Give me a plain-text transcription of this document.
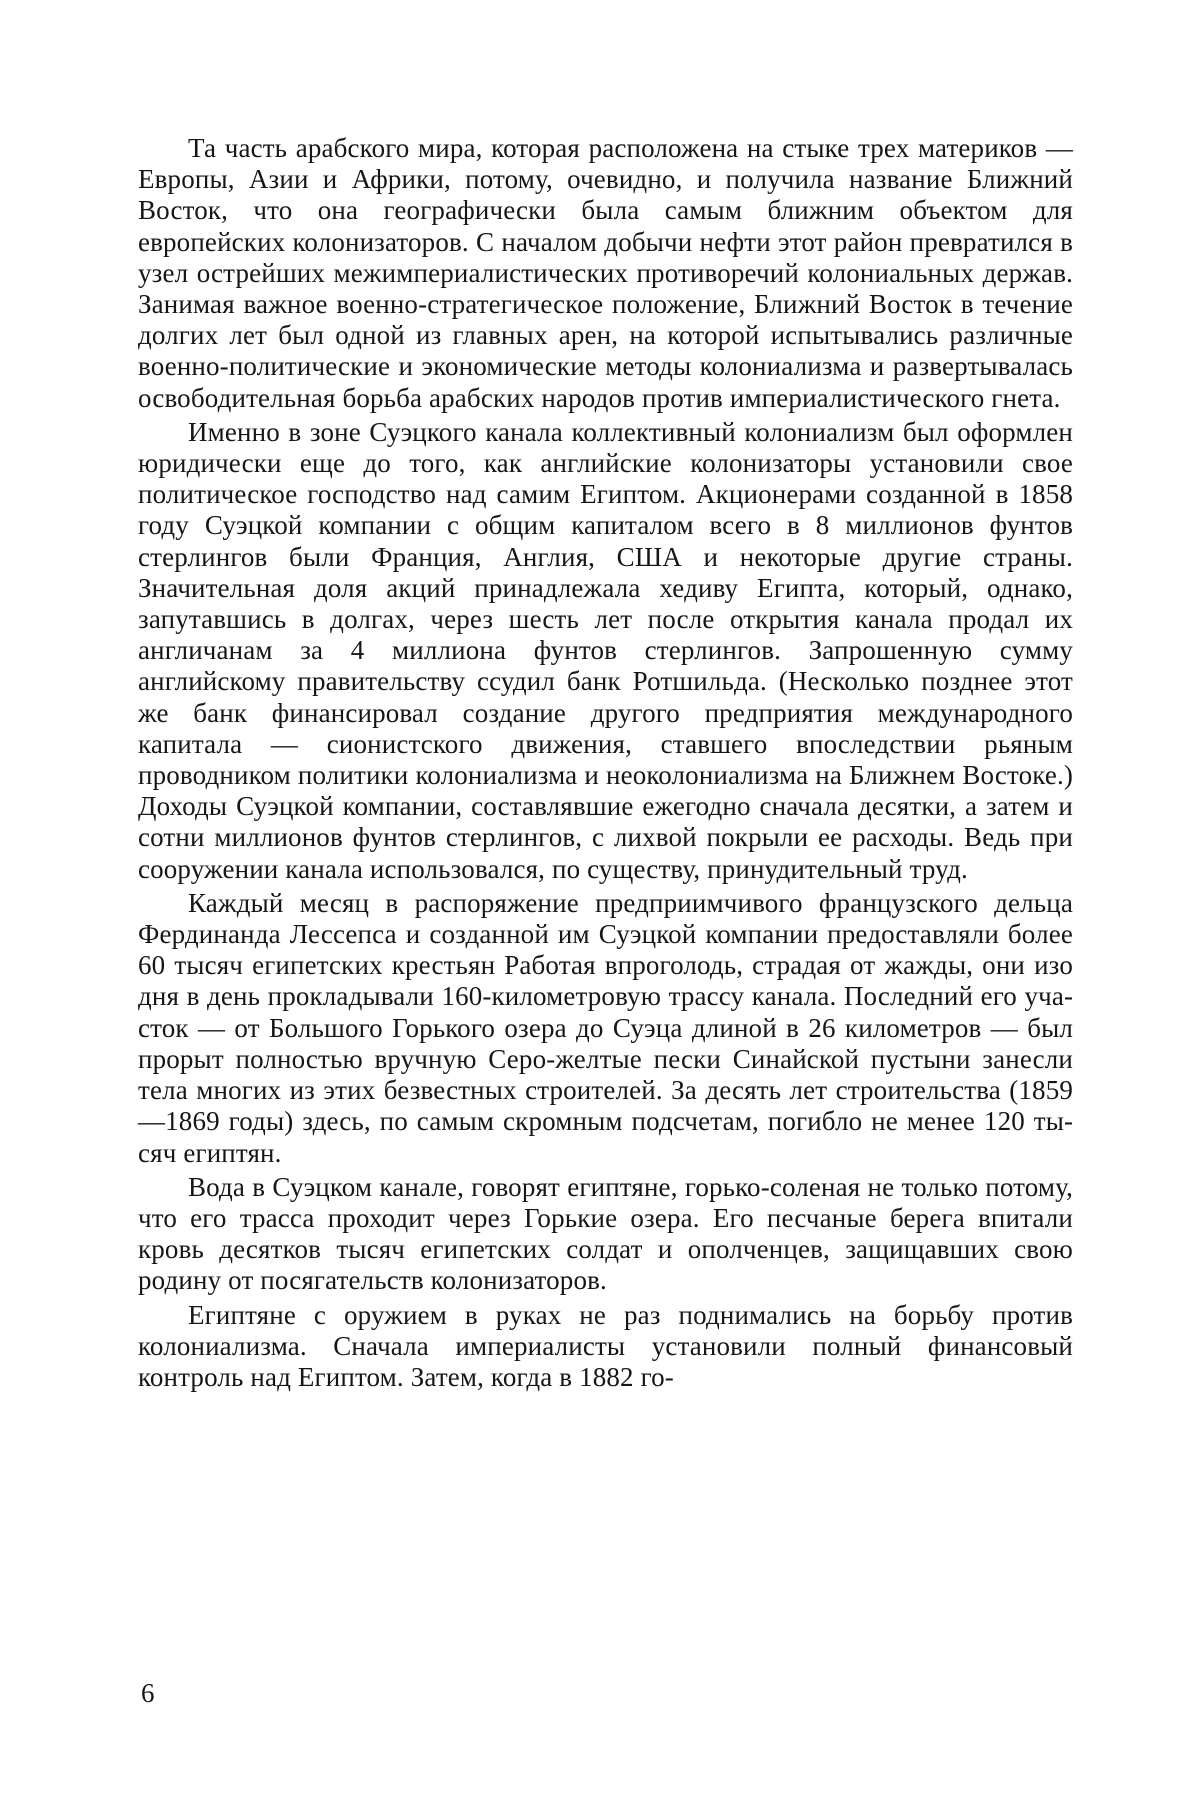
Та часть арабского мира, которая расположена на стыке трех материков — Европы, Азии и Африки, потому, очевидно, и получила название Ближний Восток, что она географически была самым ближним объектом для европейских колонизаторов. С началом добычи нефти этот район превратился в узел острейших межимпериалистических противоречий колониальных держав. Занимая важное военно-стратегическое положение, Ближний Восток в течение долгих лет был одной из главных арен, на которой испытывались различные военно-политические и экономические методы колониализма и развертывалась освободительная борьба арабских народов против империалистического гнета.

Именно в зоне Суэцкого канала коллективный колониализм был оформлен юридически еще до того, как английские колонизаторы установили свое политическое господство над самим Египтом. Акционерами созданной в 1858 году Суэцкой компании с общим капиталом всего в 8 миллионов фунтов стерлингов были Франция, Англия, США и некоторые другие страны. Значительная доля акций принадлежала хедиву Египта, который, однако, запутавшись в долгах, через шесть лет после открытия канала продал их англичанам за 4 миллиона фунтов стерлингов. Запрошенную сумму английскому правительству ссудил банк Ротшильда. (Несколько позднее этот же банк финансировал создание другого предприятия международного капитала — сионистского движения, ставшего впоследствии рьяным проводником политики колониализма и неоколониализма на Ближнем Востоке.) Доходы Суэцкой компании, составлявшие ежегодно сначала десятки, а затем и сотни миллионов фунтов стерлингов, с лихвой покрыли ее расходы. Ведь при сооружении канала использовался, по существу, принудительный труд.

Каждый месяц в распоряжение предприимчивого французского дельца Фердинанда Лессепса и созданной им Суэцкой компании предоставляли более 60 тысяч египетских крестьян Работая впроголодь, страдая от жажды, они изо дня в день прокладывали 160-километровую трассу канала. Последний его участок — от Большого Горького озера до Суэца длиной в 26 километров — был прорыт полностью вручную Серо-желтые пески Синайской пустыни занесли тела многих из этих безвестных строителей. За десять лет строительства (1859—1869 годы) здесь, по самым скромным подсчетам, погибло не менее 120 тысяч египтян.

Вода в Суэцком канале, говорят египтяне, горько-соленая не только потому, что его трасса проходит через Горькие озера. Его песчаные берега впитали кровь десятков тысяч египетских солдат и ополченцев, защищавших свою родину от посягательств колонизаторов.

Египтяне с оружием в руках не раз поднимались на борьбу против колониализма. Сначала империалисты установили полный финансовый контроль над Египтом. Затем, когда в 1882 го-

6
